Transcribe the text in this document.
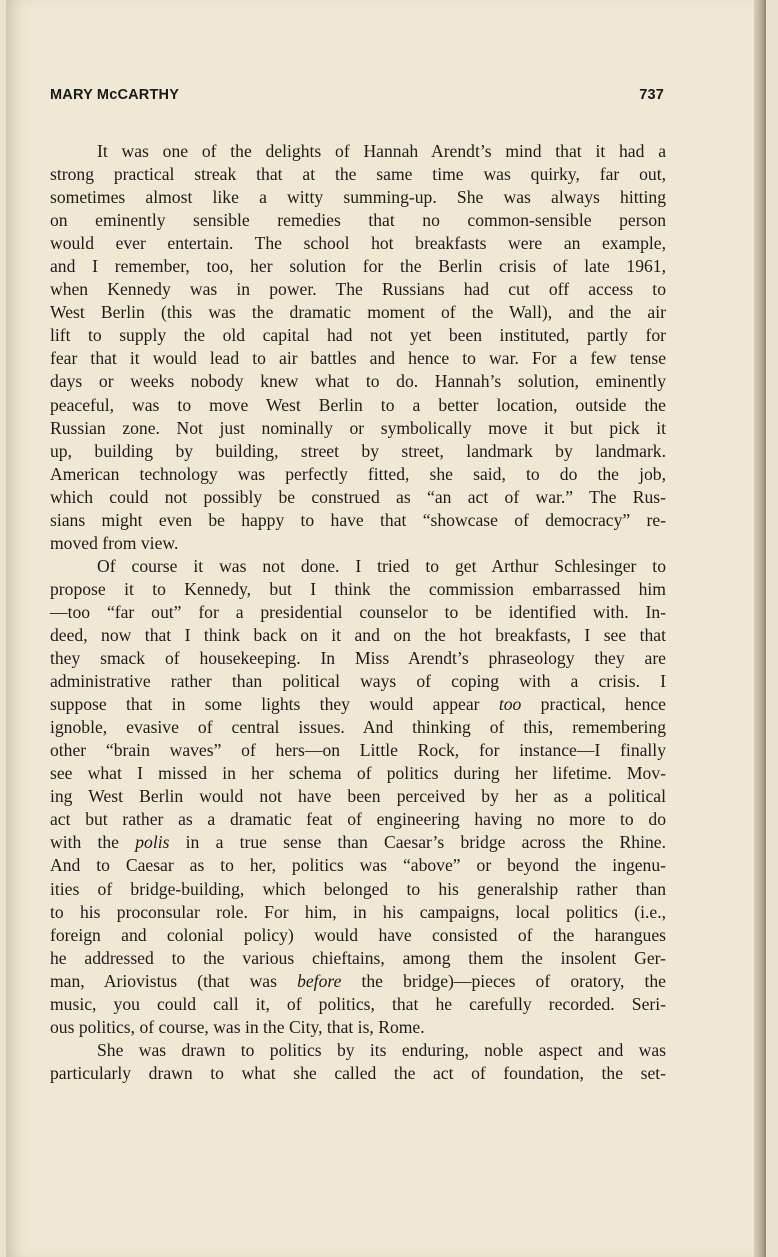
MARY McCARTHY	737

It was one of the delights of Hannah Arendt’s mind that it had a
strong practical streak that at the same time was quirky, far out,
sometimes almost like a witty summing-up. She was always hitting
on eminently sensible remedies that no common-sensible person
would ever entertain. The school hot breakfasts were an example,
and I remember, too, her solution for the Berlin crisis of late 1961,
when Kennedy was in power. The Russians had cut off access to
West Berlin (this was the dramatic moment of the Wall), and the air
lift to supply the old capital had not yet been instituted, partly for
fear that it would lead to air battles and hence to war. For a few tense
days or weeks nobody knew what to do. Hannah’s solution, eminently
peaceful, was to move West Berlin to a better location, outside the
Russian zone. Not just nominally or symbolically move it but pick it
up, building by building, street by street, landmark by landmark.
American technology was perfectly fitted, she said, to do the job,
which could not possibly be construed as “an act of war.” The Rus-
sians might even be happy to have that “showcase of democracy” re-
moved from view.

Of course it was not done. I tried to get Arthur Schlesinger to
propose it to Kennedy, but I think the commission embarrassed him
—too “far out” for a presidential counselor to be identified with. In-
deed, now that I think back on it and on the hot breakfasts, I see that
they smack of housekeeping. In Miss Arendt’s phraseology they are
administrative rather than political ways of coping with a crisis. I
suppose that in some lights they would appear too practical, hence
ignoble, evasive of central issues. And thinking of this, remembering
other “brain waves” of hers—on Little Rock, for instance—I finally
see what I missed in her schema of politics during her lifetime. Mov-
ing West Berlin would not have been perceived by her as a political
act but rather as a dramatic feat of engineering having no more to do
with the polis in a true sense than Caesar’s bridge across the Rhine.
And to Caesar as to her, politics was “above” or beyond the ingenu-
ities of bridge-building, which belonged to his generalship rather than
to his proconsular role. For him, in his campaigns, local politics (i.e.,
foreign and colonial policy) would have consisted of the harangues
he addressed to the various chieftains, among them the insolent Ger-
man, Ariovistus (that was before the bridge)—pieces of oratory, the
music, you could call it, of politics, that he carefully recorded. Seri-
ous politics, of course, was in the City, that is, Rome.

She was drawn to politics by its enduring, noble aspect and was
particularly drawn to what she called the act of foundation, the set-
